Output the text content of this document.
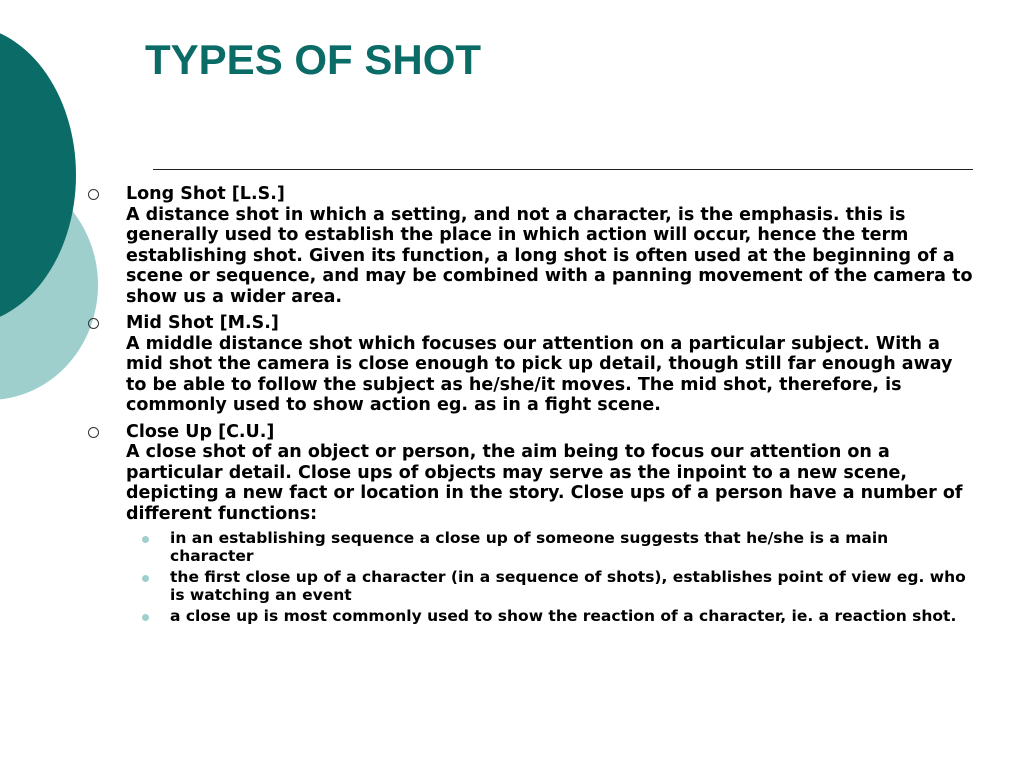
TYPES OF SHOT
Long Shot [L.S.]
A distance shot in which a setting, and not a character, is the emphasis. this is generally used to establish the place in which action will occur, hence the term establishing shot. Given its function, a long shot is often used at the beginning of a scene or sequence, and may be combined with a panning movement of the camera to show us a wider area.
Mid Shot [M.S.]
A middle distance shot which focuses our attention on a particular subject. With a mid shot the camera is close enough to pick up detail, though still far enough away to be able to follow the subject as he/she/it moves. The mid shot, therefore, is commonly used to show action eg. as in a fight scene.
Close Up [C.U.]
A close shot of an object or person, the aim being to focus our attention on a particular detail. Close ups of objects may serve as the inpoint to a new scene, depicting a new fact or location in the story. Close ups of a person have a number of different functions:
in an establishing sequence a close up of someone suggests that he/she is a main character
the first close up of a character (in a sequence of shots), establishes point of view eg. who is watching an event
a close up is most commonly used to show the reaction of a character, ie. a reaction shot.
